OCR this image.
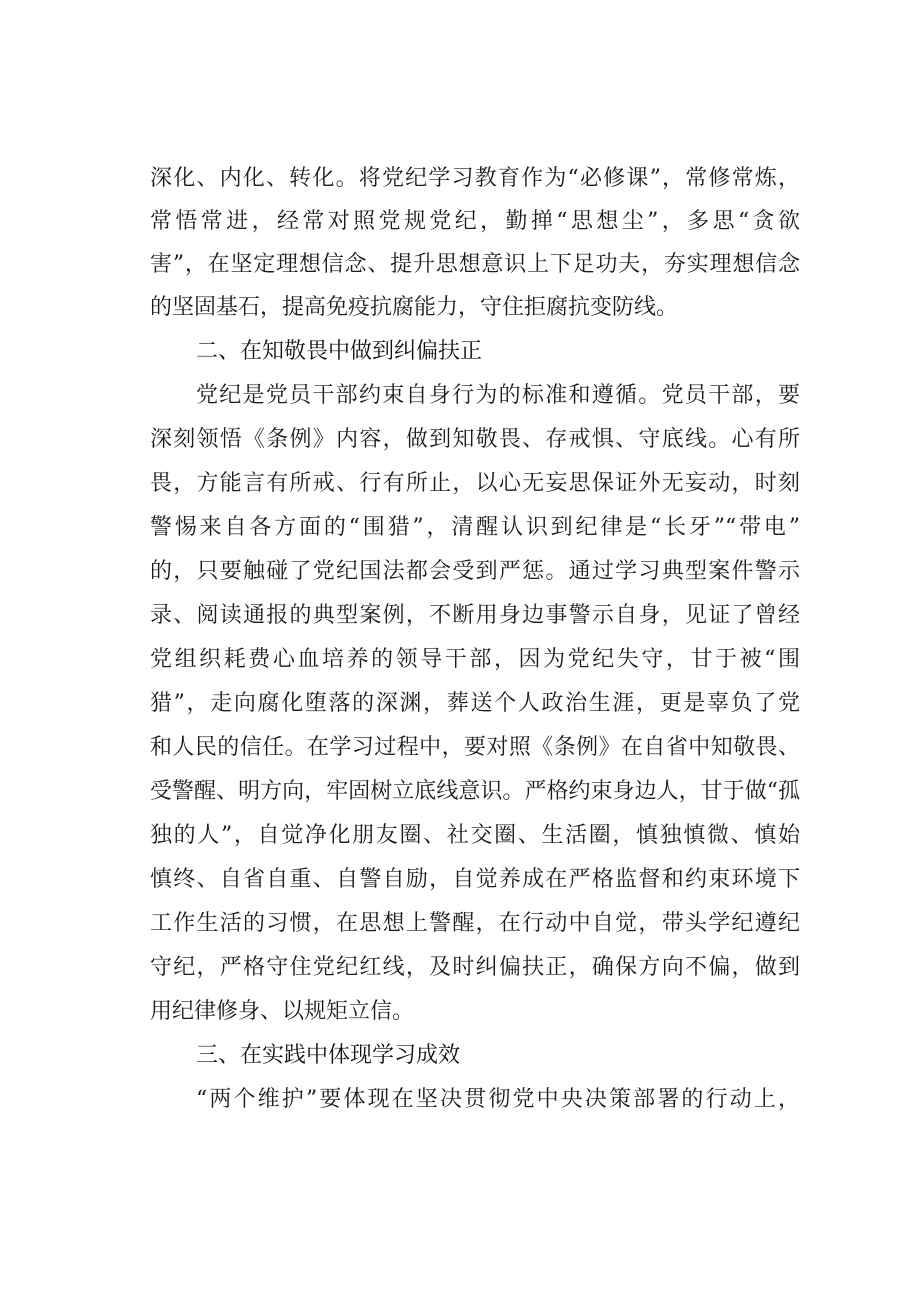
深化、内化、转化。将党纪学习教育作为“必修课”，常修常炼，
常悟常进，经常对照党规党纪，勤掸“思想尘”，多思“贪欲
害”，在坚定理想信念、提升思想意识上下足功夫，夯实理想信念
的坚固基石，提高免疫抗腐能力，守住拒腐抗变防线。
二、在知敬畏中做到纠偏扶正
党纪是党员干部约束自身行为的标准和遵循。党员干部，要
深刻领悟《条例》内容，做到知敬畏、存戒惧、守底线。心有所
畏，方能言有所戒、行有所止，以心无妄思保证外无妄动，时刻
警惕来自各方面的“围猎”，清醒认识到纪律是“长牙”“带电”
的，只要触碰了党纪国法都会受到严惩。通过学习典型案件警示
录、阅读通报的典型案例，不断用身边事警示自身，见证了曾经
党组织耗费心血培养的领导干部，因为党纪失守，甘于被“围
猎”，走向腐化堕落的深渊，葬送个人政治生涯，更是辜负了党
和人民的信任。在学习过程中，要对照《条例》在自省中知敬畏、
受警醒、明方向，牢固树立底线意识。严格约束身边人，甘于做“孤
独的人”，自觉净化朋友圈、社交圈、生活圈，慎独慎微、慎始
慎终、自省自重、自警自励，自觉养成在严格监督和约束环境下
工作生活的习惯，在思想上警醒，在行动中自觉，带头学纪遵纪
守纪，严格守住党纪红线，及时纠偏扶正，确保方向不偏，做到
用纪律修身、以规矩立信。
三、在实践中体现学习成效
“两个维护”要体现在坚决贯彻党中央决策部署的行动上，
